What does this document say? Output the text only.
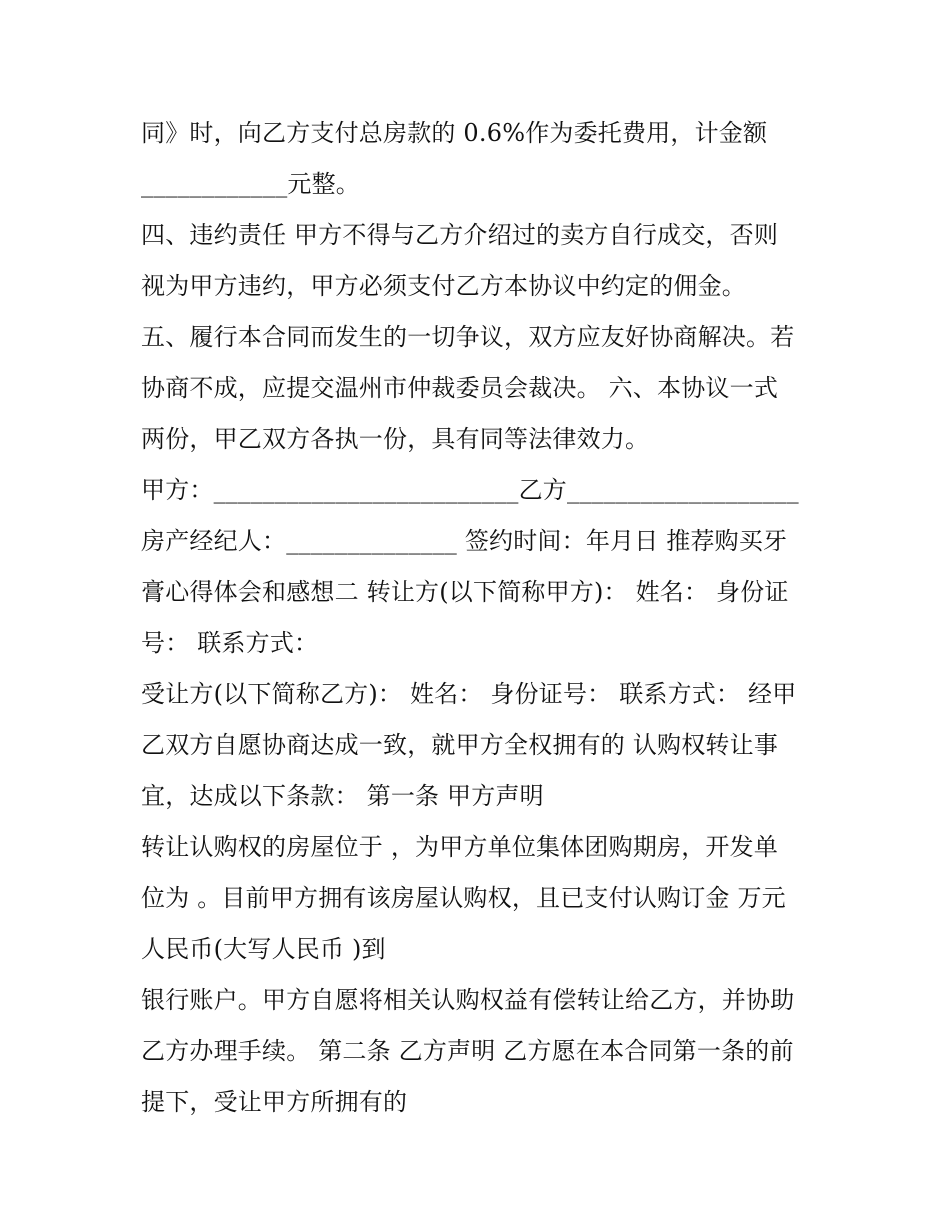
同》时，向乙方支付总房款的 0.6%作为委托费用，计金额
____________元整。
四、违约责任 甲方不得与乙方介绍过的卖方自行成交，否则
视为甲方违约，甲方必须支付乙方本协议中约定的佣金。
五、履行本合同而发生的一切争议，双方应友好协商解决。若
协商不成，应提交温州市仲裁委员会裁决。 六、本协议一式
两份，甲乙双方各执一份，具有同等法律效力。
甲方：_________________________乙方___________________
房产经纪人：______________ 签约时间：年月日 推荐购买牙
膏心得体会和感想二 转让方(以下简称甲方)： 姓名： 身份证
号： 联系方式：
受让方(以下简称乙方)： 姓名： 身份证号： 联系方式： 经甲
乙双方自愿协商达成一致，就甲方全权拥有的 认购权转让事
宜，达成以下条款： 第一条 甲方声明
转让认购权的房屋位于 ，为甲方单位集体团购期房，开发单
位为 。目前甲方拥有该房屋认购权，且已支付认购订金 万元
人民币(大写人民币 )到
银行账户。甲方自愿将相关认购权益有偿转让给乙方，并协助
乙方办理手续。 第二条 乙方声明 乙方愿在本合同第一条的前
提下，受让甲方所拥有的
